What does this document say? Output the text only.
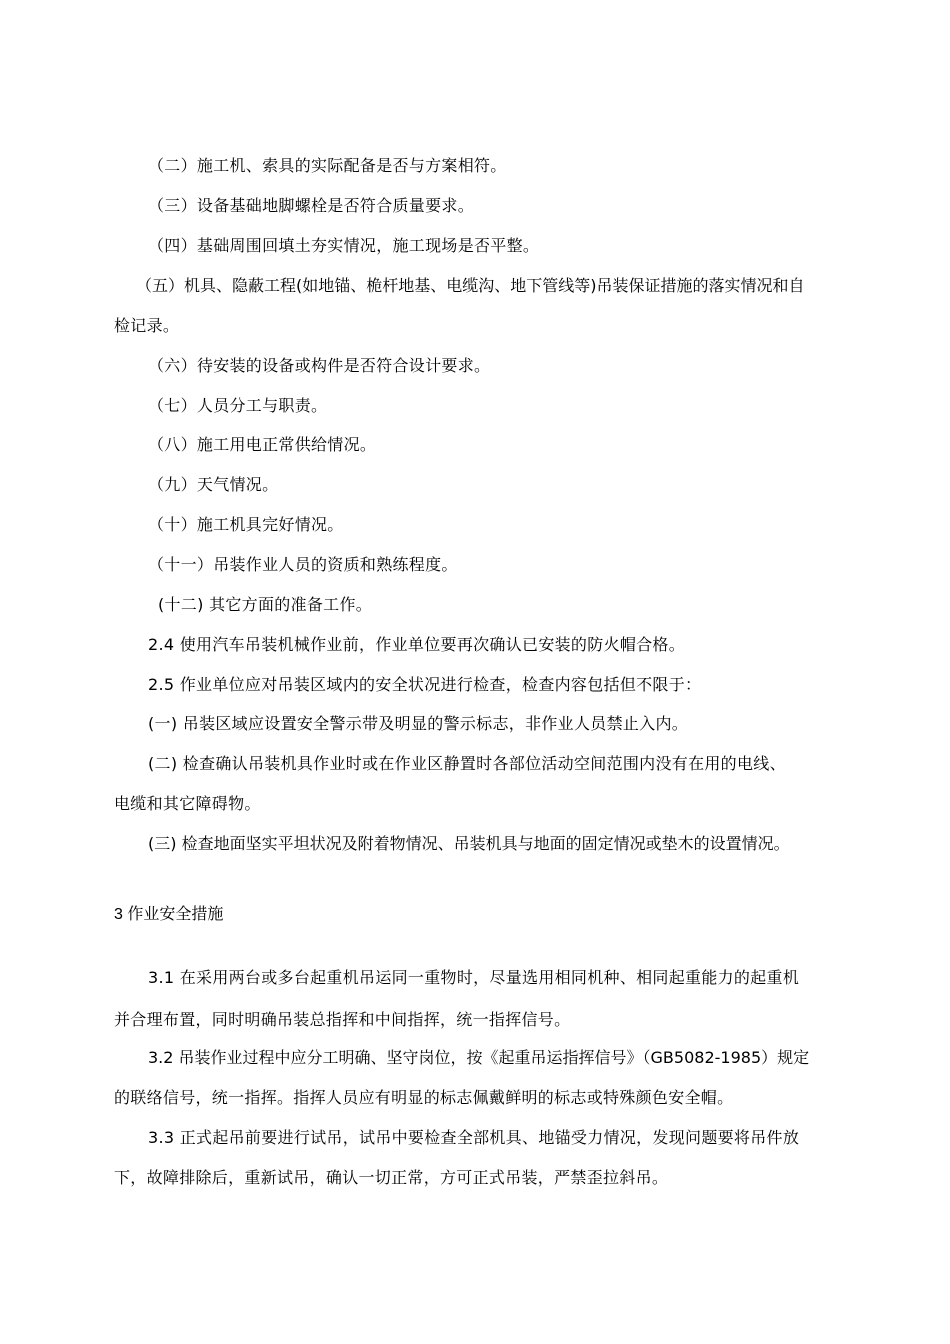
（二）施工机、索具的实际配备是否与方案相符。
（三）设备基础地脚螺栓是否符合质量要求。
（四）基础周围回填土夯实情况，施工现场是否平整。
（五）机具、隐蔽工程(如地锚、桅杆地基、电缆沟、地下管线等)吊装保证措施的落实情况和自
检记录。
（六）待安装的设备或构件是否符合设计要求。
（七）人员分工与职责。
（八）施工用电正常供给情况。
（九）天气情况。
（十）施工机具完好情况。
（十一）吊装作业人员的资质和熟练程度。
(十二) 其它方面的准备工作。
2.4 使用汽车吊装机械作业前，作业单位要再次确认已安装的防火帽合格。
2.5 作业单位应对吊装区域内的安全状况进行检查，检查内容包括但不限于：
(一) 吊装区域应设置安全警示带及明显的警示标志，非作业人员禁止入内。
(二) 检查确认吊装机具作业时或在作业区静置时各部位活动空间范围内没有在用的电线、
电缆和其它障碍物。
(三) 检查地面坚实平坦状况及附着物情况、吊装机具与地面的固定情况或垫木的设置情况。
3 作业安全措施
3.1 在采用两台或多台起重机吊运同一重物时，尽量选用相同机种、相同起重能力的起重机
并合理布置，同时明确吊装总指挥和中间指挥，统一指挥信号。
3.2 吊装作业过程中应分工明确、坚守岗位，按《起重吊运指挥信号》（GB5082-1985）规定
的联络信号，统一指挥。指挥人员应有明显的标志佩戴鲜明的标志或特殊颜色安全帽。
3.3 正式起吊前要进行试吊，试吊中要检查全部机具、地锚受力情况，发现问题要将吊件放
下，故障排除后，重新试吊，确认一切正常，方可正式吊装，严禁歪拉斜吊。
